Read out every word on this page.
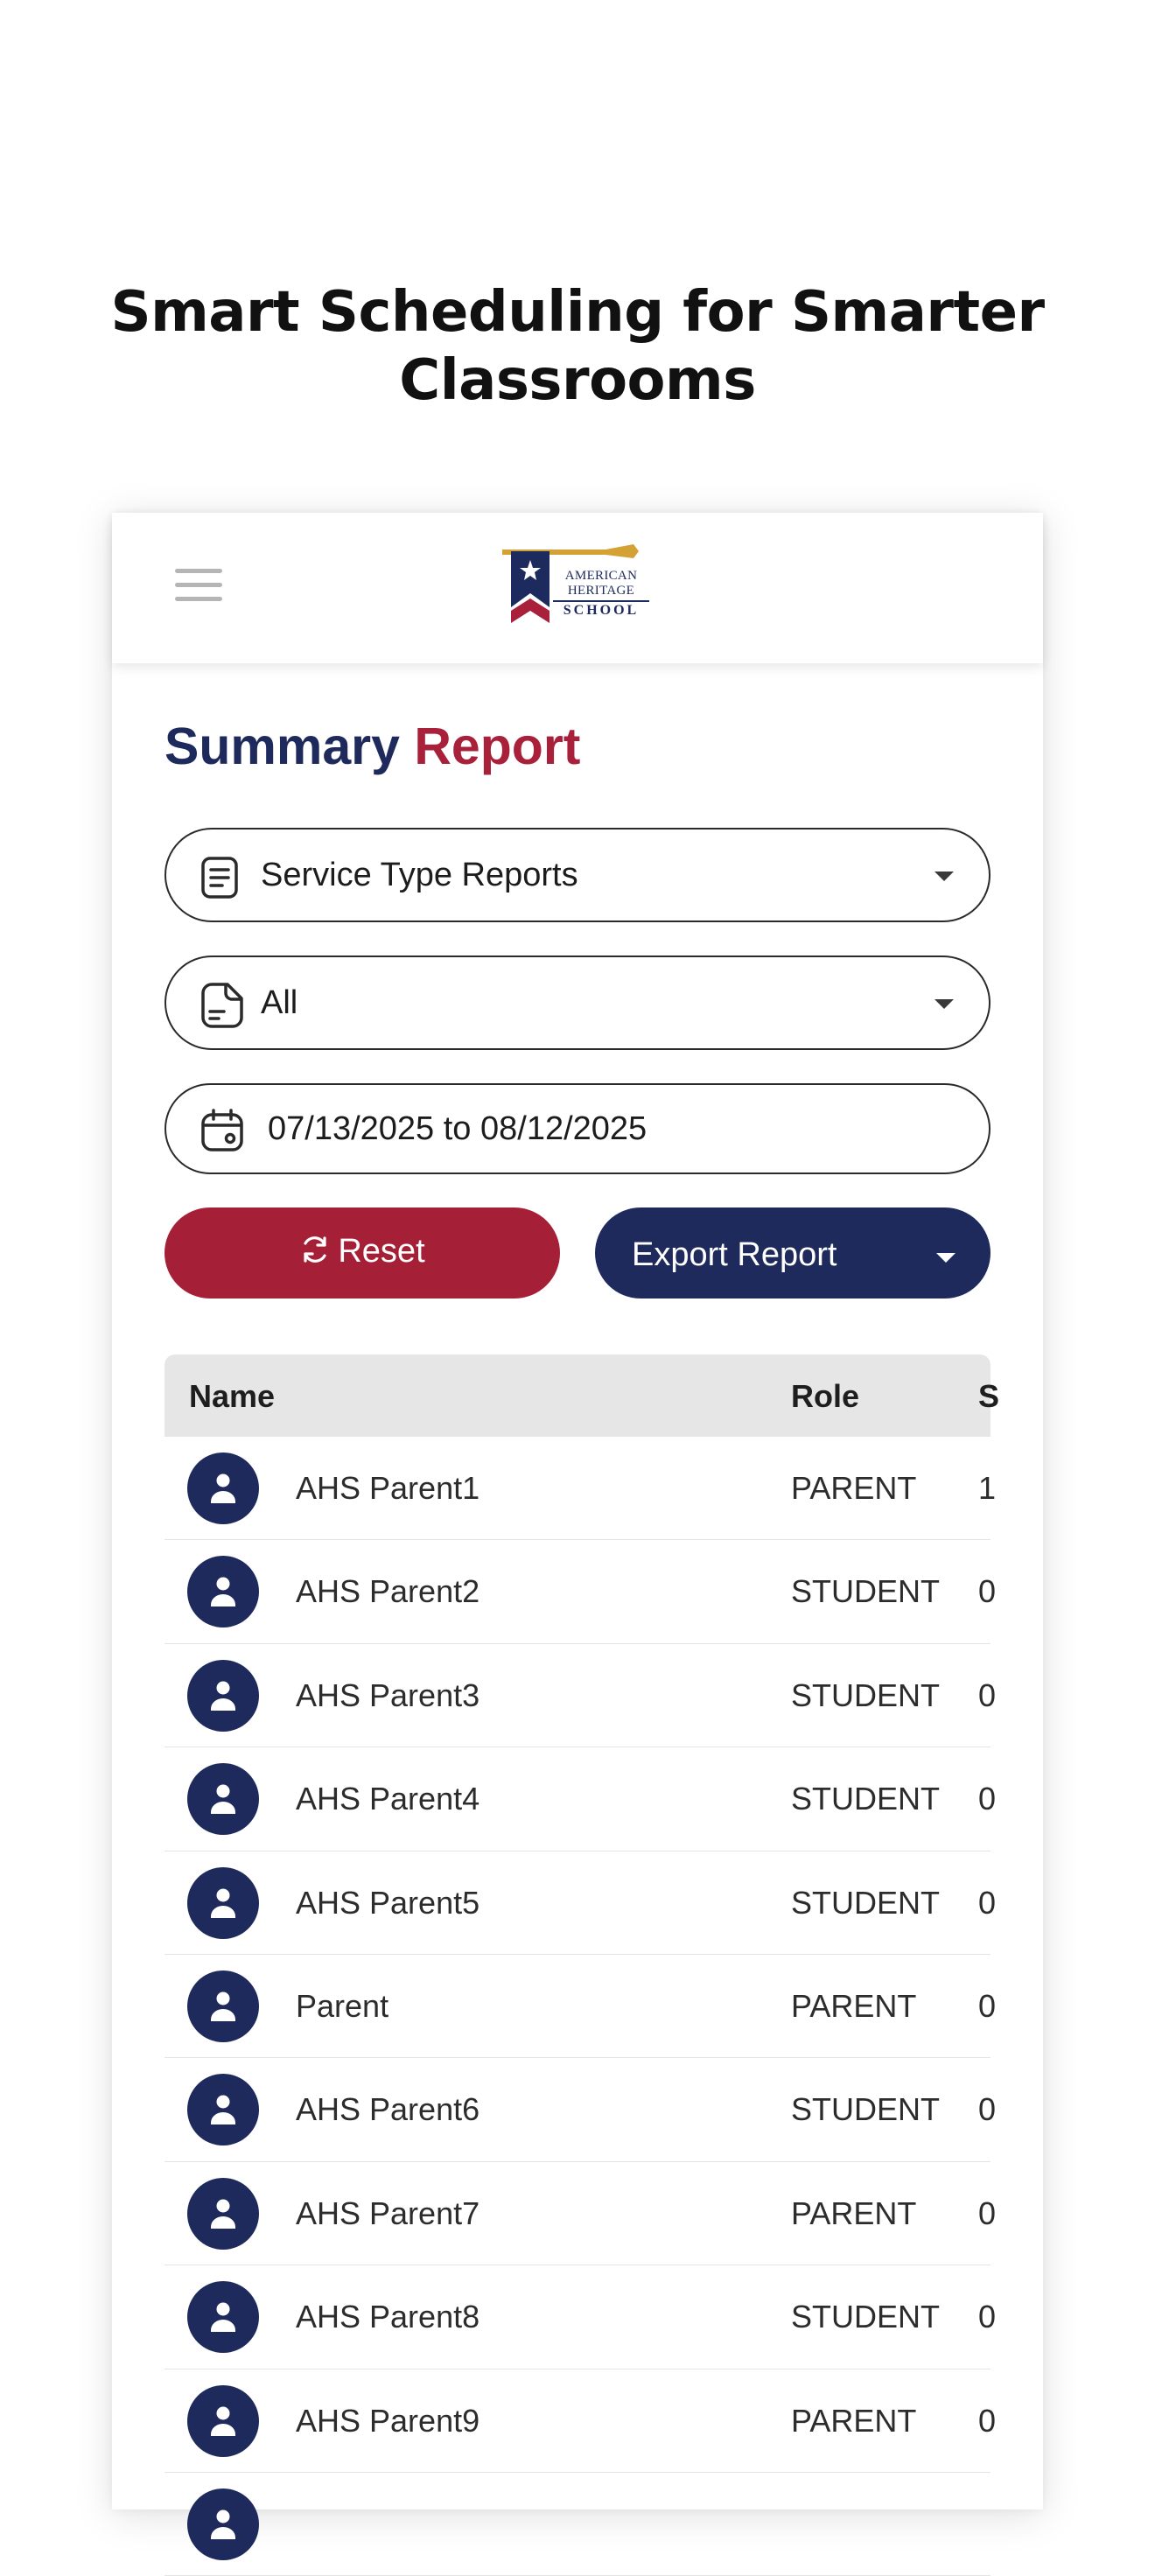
Smart Scheduling for Smarter Classrooms
AMERICAN
HERITAGE
SCHOOL
Summary Report
Service Type Reports
All
07/13/2025 to 08/12/2025
Reset	Export Report
Name	Role	S
AHS Parent1	PARENT 1
AHS Parent2	STUDENT 0
AHS Parent3	STUDENT 0
AHS Parent4	STUDENT 0
AHS Parent5	STUDENT 0
Parent	PARENT 0
AHS Parent6	STUDENT 0
AHS Parent7	PARENT 0
AHS Parent8	STUDENT 0
AHS Parent9	PARENT 0
